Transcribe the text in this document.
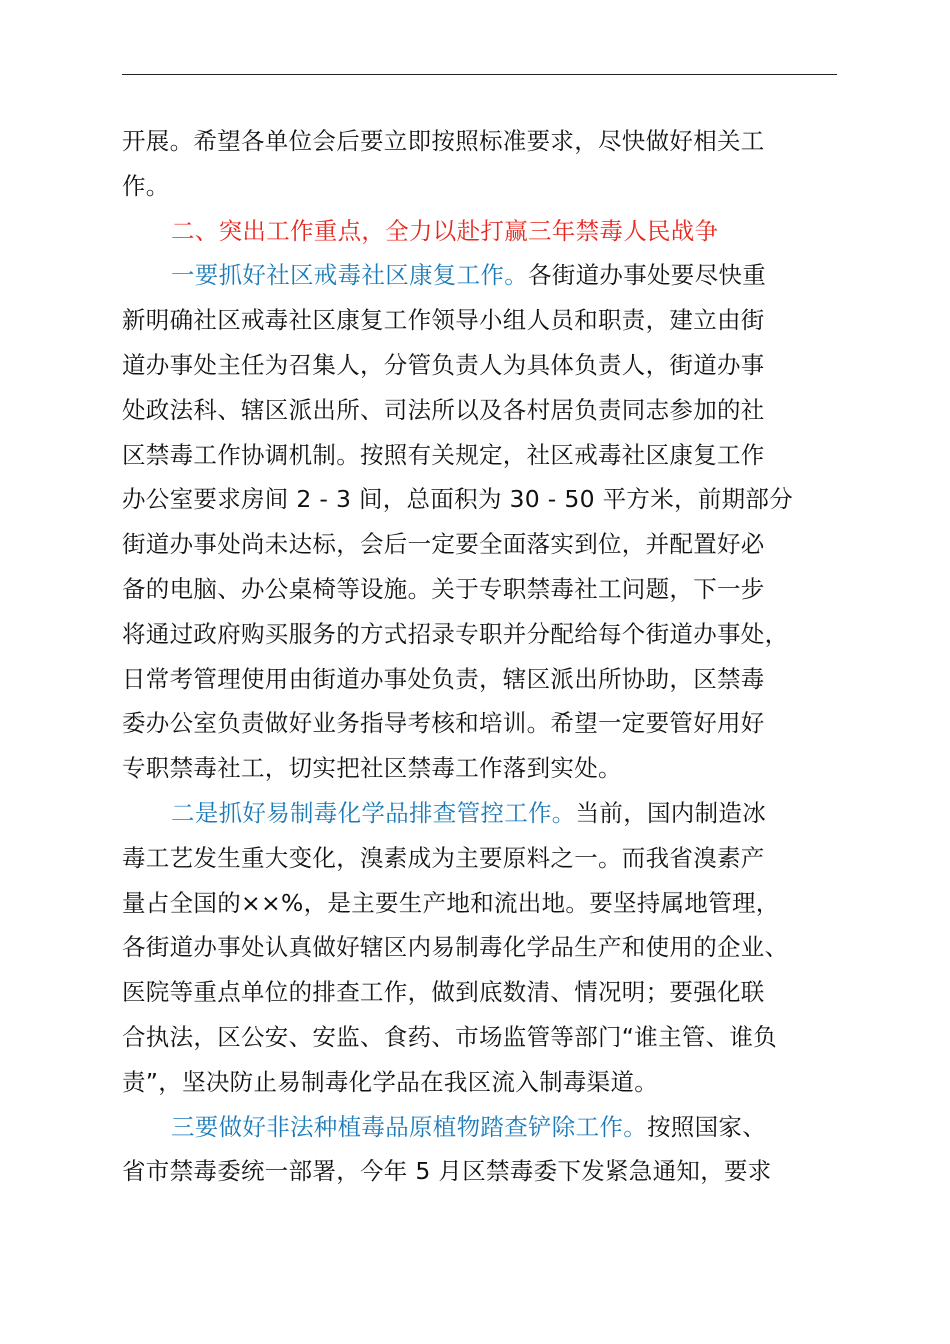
开展。希望各单位会后要立即按照标准要求，尽快做好相关工
作。
二、突出工作重点，全力以赴打赢三年禁毒人民战争
一要抓好社区戒毒社区康复工作。各街道办事处要尽快重
新明确社区戒毒社区康复工作领导小组人员和职责，建立由街
道办事处主任为召集人，分管负责人为具体负责人，街道办事
处政法科、辖区派出所、司法所以及各村居负责同志参加的社
区禁毒工作协调机制。按照有关规定，社区戒毒社区康复工作
办公室要求房间 2 - 3 间，总面积为 30 - 50 平方米，前期部分
街道办事处尚未达标，会后一定要全面落实到位，并配置好必
备的电脑、办公桌椅等设施。关于专职禁毒社工问题，下一步
将通过政府购买服务的方式招录专职并分配给每个街道办事处，
日常考管理使用由街道办事处负责，辖区派出所协助，区禁毒
委办公室负责做好业务指导考核和培训。希望一定要管好用好
专职禁毒社工，切实把社区禁毒工作落到实处。
二是抓好易制毒化学品排查管控工作。当前，国内制造冰
毒工艺发生重大变化，溴素成为主要原料之一。而我省溴素产
量占全国的××%，是主要生产地和流出地。要坚持属地管理，
各街道办事处认真做好辖区内易制毒化学品生产和使用的企业、
医院等重点单位的排查工作，做到底数清、情况明；要强化联
合执法，区公安、安监、食药、市场监管等部门“谁主管、谁负
责”，坚决防止易制毒化学品在我区流入制毒渠道。
三要做好非法种植毒品原植物踏查铲除工作。按照国家、
省市禁毒委统一部署，今年 5 月区禁毒委下发紧急通知，要求
